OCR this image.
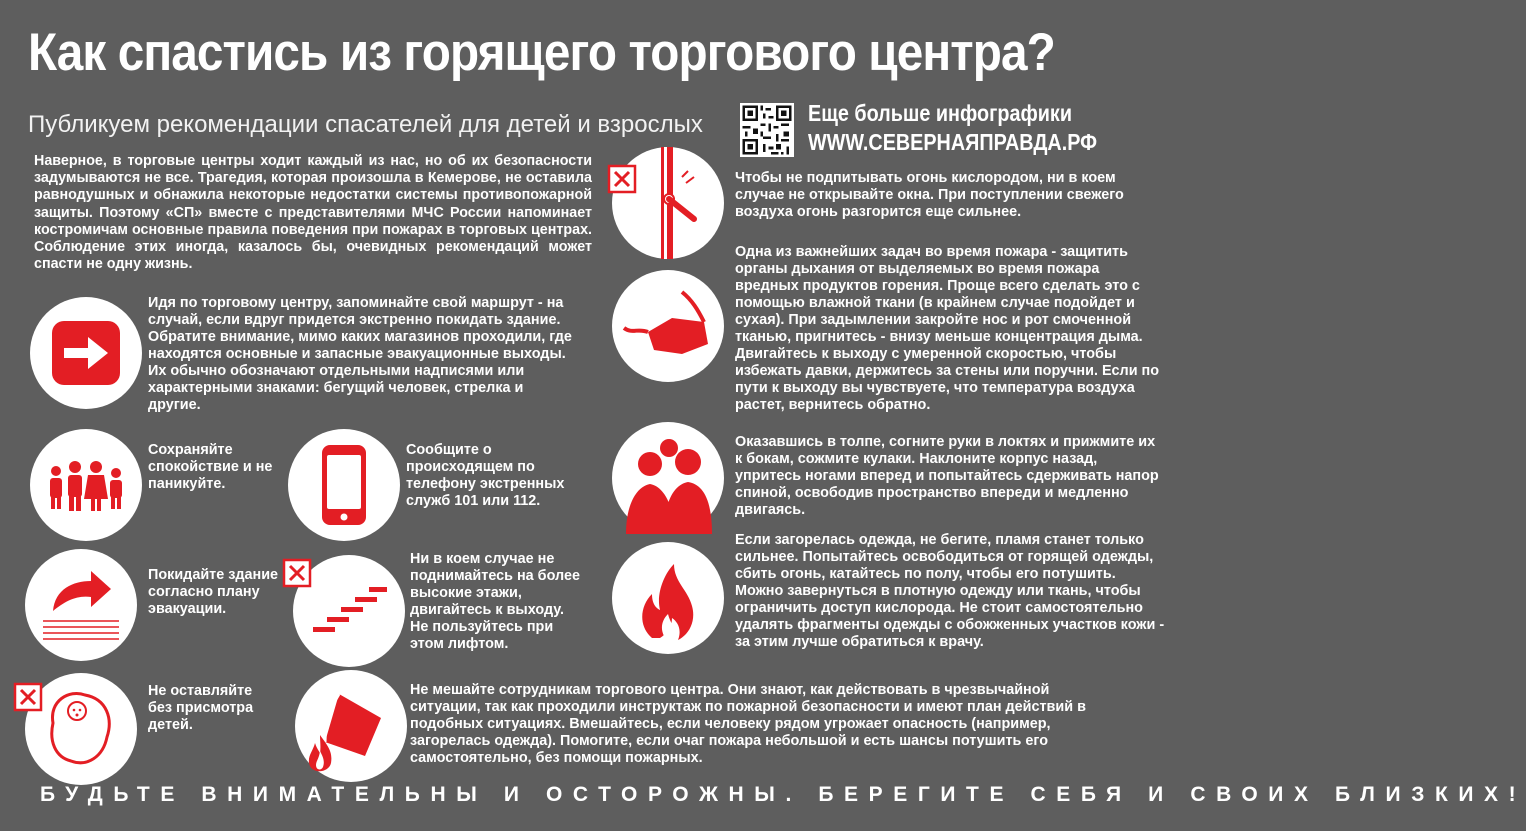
Как спастись из горящего торгового центра?
Публикуем рекомендации спасателей для детей и взрослых	Еще больше инфографики
WWW.СЕВЕРНАЯПРАВДА.РФ
Наверное, в торговые центры ходит каждый из нас, но об их безопасности задумываются не все. Трагедия, которая произошла в Кемерове, не оставила равнодушных и обнажила некоторые недостатки системы противопожарной защиты. Поэтому «СП» вместе с представителями МЧС России напоминает костромичам основные правила поведения при пожарах в торговых центрах. Соблюдение этих иногда, казалось бы, очевидных рекомендаций может спасти не одну жизнь.
Идя по торговому центру, запоминайте свой маршрут - на случай, если вдруг придется экстренно покидать здание. Обратите внимание, мимо каких магазинов проходили, где находятся основные и запасные эвакуационные выходы. Их обычно обозначают отдельными надписями или характерными знаками: бегущий человек, стрелка и другие.
Сохраняйте спокойствие и не паникуйте.
Сообщите о происходящем по телефону экстренных служб 101 или 112.
Покидайте здание согласно плану эвакуации.
Ни в коем случае не поднимайтесь на более высокие этажи, двигайтесь к выходу. Не пользуйтесь при этом лифтом.
Не оставляйте без присмотра детей.
Не мешайте сотрудникам торгового центра. Они знают, как действовать в чрезвычайной ситуации, так как проходили инструктаж по пожарной безопасности и имеют план действий в подобных ситуациях. Вмешайтесь, если человеку рядом угрожает опасность (например, загорелась одежда). Помогите, если очаг пожара небольшой и есть шансы потушить его самостоятельно, без помощи пожарных.
Чтобы не подпитывать огонь кислородом, ни в коем случае не открывайте окна. При поступлении свежего воздуха огонь разгорится еще сильнее.
Одна из важнейших задач во время пожара - защитить органы дыхания от выделяемых во время пожара вредных продуктов горения. Проще всего сделать это с помощью влажной ткани (в крайнем случае подойдет и сухая). При задымлении закройте нос и рот смоченной тканью, пригнитесь - внизу меньше концентрация дыма. Двигайтесь к выходу с умеренной скоростью, чтобы избежать давки, держитесь за стены или поручни. Если по пути к выходу вы чувствуете, что температура воздуха растет, вернитесь обратно.
Оказавшись в толпе, согните руки в локтях и прижмите их к бокам, сожмите кулаки. Наклоните корпус назад, упритесь ногами вперед и попытайтесь сдерживать напор спиной, освободив пространство впереди и медленно двигаясь.
Если загорелась одежда, не бегите, пламя станет только сильнее. Попытайтесь освободиться от горящей одежды, сбить огонь, катайтесь по полу, чтобы его потушить. Можно завернуться в плотную одежду или ткань, чтобы ограничить доступ кислорода. Не стоит самостоятельно удалять фрагменты одежды с обожженных участков кожи - за этим лучше обратиться к врачу.
БУДЬТЕ ВНИМАТЕЛЬНЫ И ОСТОРОЖНЫ. БЕРЕГИТЕ СЕБЯ И СВОИХ БЛИЗКИХ!
